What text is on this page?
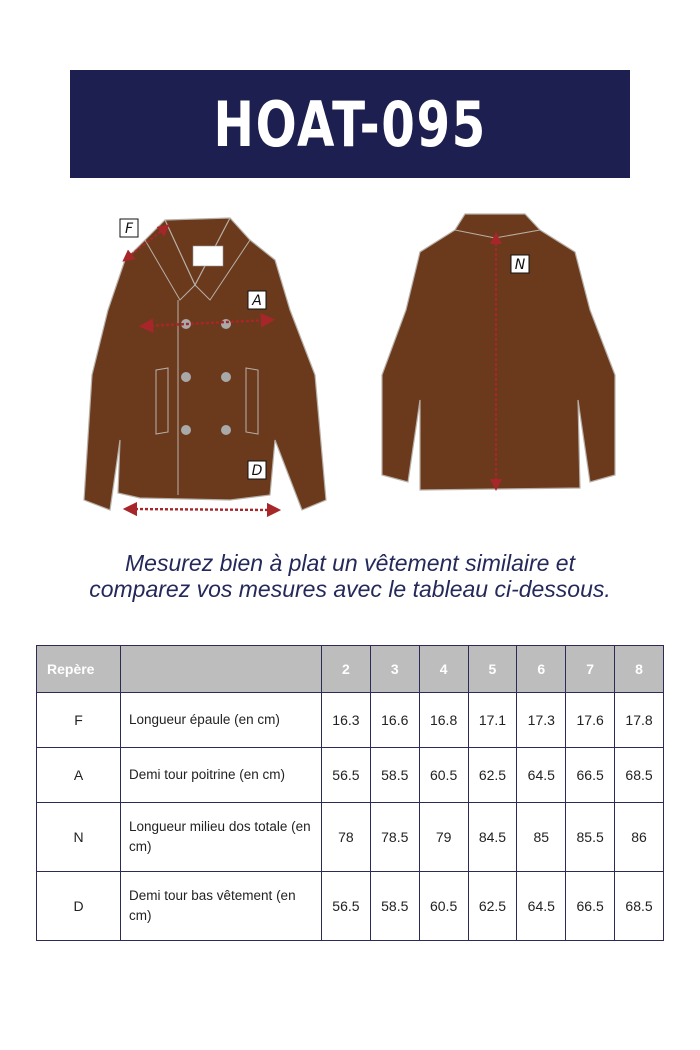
HOAT-095
F
A
D
N
Mesurez bien à plat un vêtement similaire et
comparez vos mesures avec le tableau ci-dessous.
Repère		2	3	4	5	6	7	8
F	Longueur épaule (en cm)	16.3	16.6	16.8	17.1	17.3	17.6	17.8
A	Demi tour poitrine (en cm)	56.5	58.5	60.5	62.5	64.5	66.5	68.5
N	Longueur milieu dos totale (en cm)	78	78.5	79	84.5	85	85.5	86
D	Demi tour bas vêtement (en cm)	56.5	58.5	60.5	62.5	64.5	66.5	68.5
